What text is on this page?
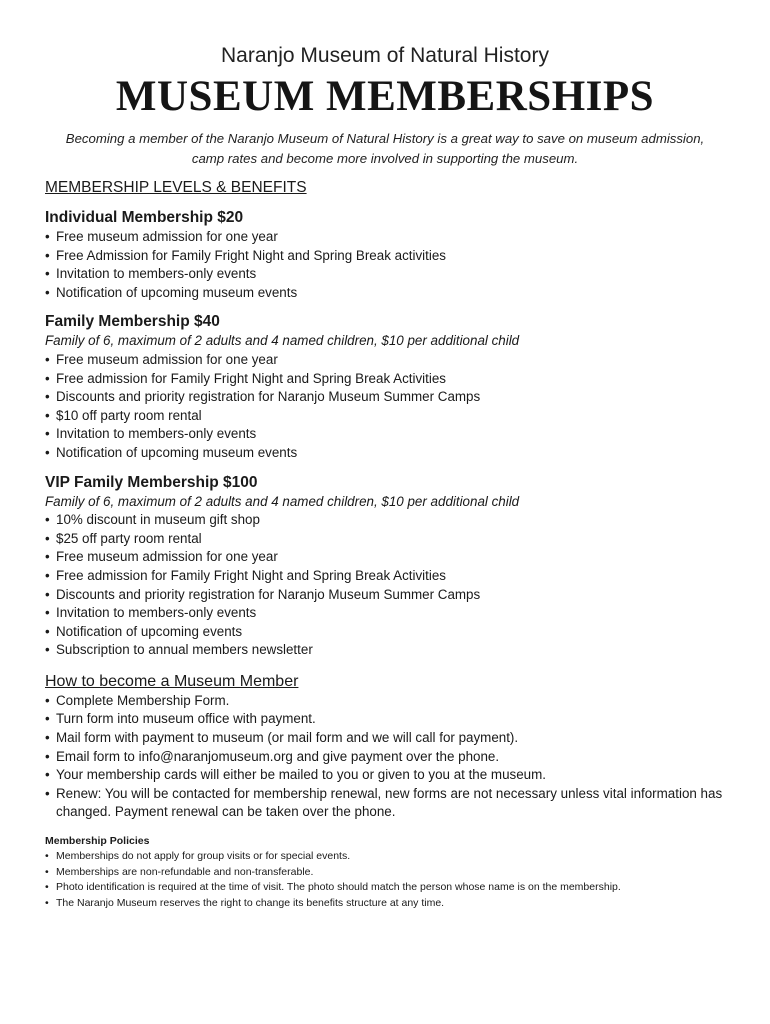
Naranjo Museum of Natural History
MUSEUM MEMBERSHIPS
Becoming a member of the Naranjo Museum of Natural History is a great way to save on museum admission,
camp rates and become more involved in supporting the museum.

MEMBERSHIP LEVELS & BENEFITS

Individual Membership $20

• Free museum admission for one year
• Free Admission for Family Fright Night and Spring Break activities
• Invitation to members-only events
• Notification of upcoming museum events

Family Membership $40

Family of 6, maximum of 2 adults and 4 named children, $10 per additional child

• Free museum admission for one year
• Free admission for Family Fright Night and Spring Break Activities
• Discounts and priority registration for Naranjo Museum Summer Camps
• $10 off party room rental
• Invitation to members-only events
• Notification of upcoming museum events

VIP Family Membership $100

Family of 6, maximum of 2 adults and 4 named children, $10 per additional child

• 10% discount in museum gift shop
• $25 off party room rental
• Free museum admission for one year
• Free admission for Family Fright Night and Spring Break Activities
• Discounts and priority registration for Naranjo Museum Summer Camps
• Invitation to members-only events
• Notification of upcoming events
• Subscription to annual members newsletter

How to become a Museum Member

• Complete Membership Form.
• Turn form into museum office with payment.
• Mail form with payment to museum (or mail form and we will call for payment).
• Email form to info@naranjomuseum.org and give payment over the phone.
• Your membership cards will either be mailed to you or given to you at the museum.
• Renew: You will be contacted for membership renewal, new forms are not necessary unless vital information has changed. Payment renewal can be taken over the phone.

Membership Policies

• Memberships do not apply for group visits or for special events.
• Memberships are non-refundable and non-transferable.
• Photo identification is required at the time of visit. The photo should match the person whose name is on the membership.
• The Naranjo Museum reserves the right to change its benefits structure at any time.
